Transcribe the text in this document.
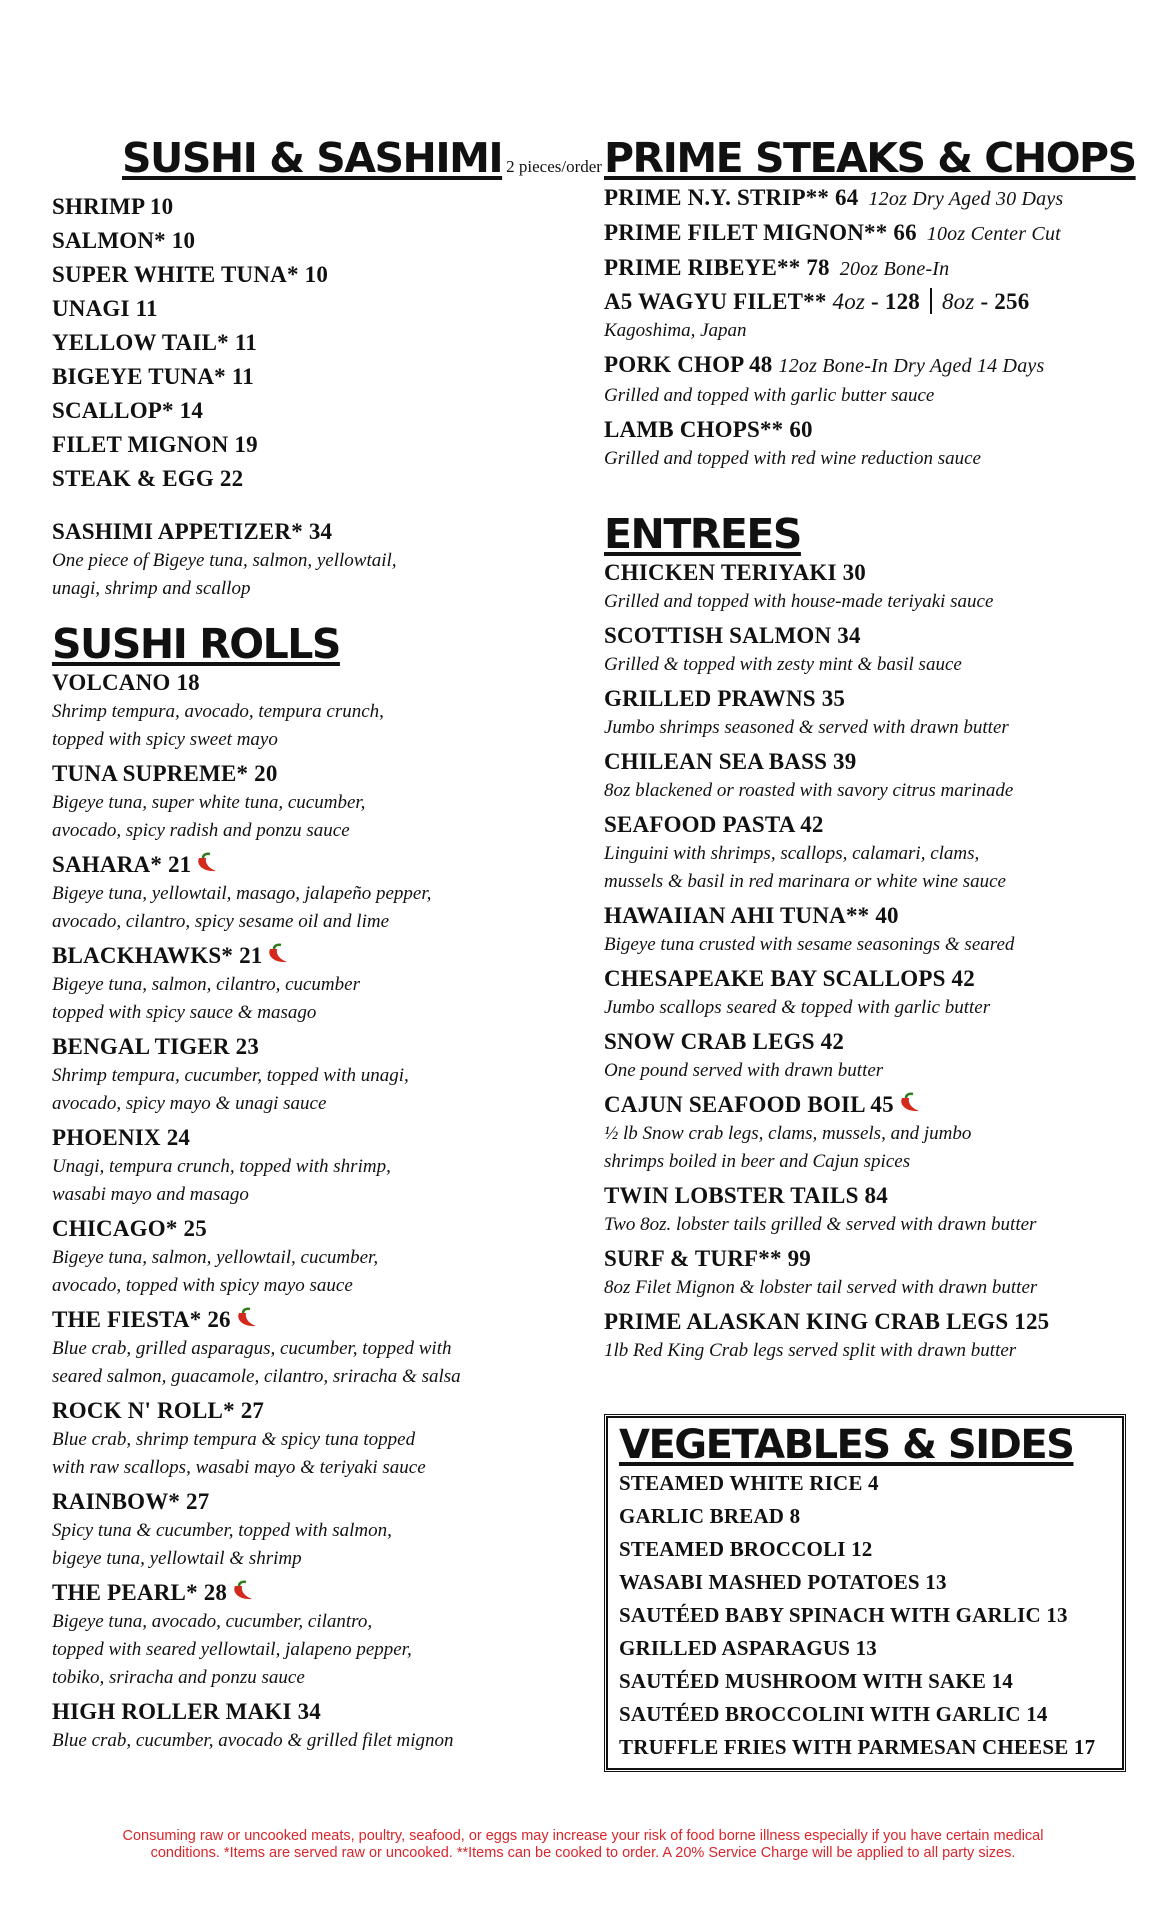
SUSHI & SASHIMI 2 pieces/order
SHRIMP 10
SALMON* 10
SUPER WHITE TUNA* 10
UNAGI 11
YELLOW TAIL* 11
BIGEYE TUNA* 11
SCALLOP* 14
FILET MIGNON 19
STEAK & EGG 22
SASHIMI APPETIZER* 34
One piece of Bigeye tuna, salmon, yellowtail,
unagi, shrimp and scallop
SUSHI ROLLS
VOLCANO 18
Shrimp tempura, avocado, tempura crunch,
topped with spicy sweet mayo
TUNA SUPREME* 20
Bigeye tuna, super white tuna, cucumber,
avocado, spicy radish and ponzu sauce
SAHARA* 21
Bigeye tuna, yellowtail, masago, jalapeño pepper,
avocado, cilantro, spicy sesame oil and lime
BLACKHAWKS* 21
Bigeye tuna, salmon, cilantro, cucumber
topped with spicy sauce & masago
BENGAL TIGER 23
Shrimp tempura, cucumber, topped with unagi,
avocado, spicy mayo & unagi sauce
PHOENIX 24
Unagi, tempura crunch, topped with shrimp,
wasabi mayo and masago
CHICAGO* 25
Bigeye tuna, salmon, yellowtail, cucumber,
avocado, topped with spicy mayo sauce
THE FIESTA* 26
Blue crab, grilled asparagus, cucumber, topped with
seared salmon, guacamole, cilantro, sriracha & salsa
ROCK N' ROLL* 27
Blue crab, shrimp tempura & spicy tuna topped
with raw scallops, wasabi mayo & teriyaki sauce
RAINBOW* 27
Spicy tuna & cucumber, topped with salmon,
bigeye tuna, yellowtail & shrimp
THE PEARL* 28
Bigeye tuna, avocado, cucumber, cilantro,
topped with seared yellowtail, jalapeno pepper,
tobiko, sriracha and ponzu sauce
HIGH ROLLER MAKI 34
Blue crab, cucumber, avocado & grilled filet mignon
PRIME STEAKS & CHOPS
PRIME N.Y. STRIP** 64 12oz Dry Aged 30 Days
PRIME FILET MIGNON** 66 10oz Center Cut
PRIME RIBEYE** 78 20oz Bone-In
A5 WAGYU FILET** 4oz - 128 8oz - 256
Kagoshima, Japan
PORK CHOP 48 12oz Bone-In Dry Aged 14 Days
Grilled and topped with garlic butter sauce
LAMB CHOPS** 60
Grilled and topped with red wine reduction sauce
ENTREES
CHICKEN TERIYAKI 30
Grilled and topped with house-made teriyaki sauce
SCOTTISH SALMON 34
Grilled & topped with zesty mint & basil sauce
GRILLED PRAWNS 35
Jumbo shrimps seasoned & served with drawn butter
CHILEAN SEA BASS 39
8oz blackened or roasted with savory citrus marinade
SEAFOOD PASTA 42
Linguini with shrimps, scallops, calamari, clams,
mussels & basil in red marinara or white wine sauce
HAWAIIAN AHI TUNA** 40
Bigeye tuna crusted with sesame seasonings & seared
CHESAPEAKE BAY SCALLOPS 42
Jumbo scallops seared & topped with garlic butter
SNOW CRAB LEGS 42
One pound served with drawn butter
CAJUN SEAFOOD BOIL 45
½ lb Snow crab legs, clams, mussels, and jumbo
shrimps boiled in beer and Cajun spices
TWIN LOBSTER TAILS 84
Two 8oz. lobster tails grilled & served with drawn butter
SURF & TURF** 99
8oz Filet Mignon & lobster tail served with drawn butter
PRIME ALASKAN KING CRAB LEGS 125
1lb Red King Crab legs served split with drawn butter
VEGETABLES & SIDES
STEAMED WHITE RICE 4
GARLIC BREAD 8
STEAMED BROCCOLI 12
WASABI MASHED POTATOES 13
SAUTÉED BABY SPINACH WITH GARLIC 13
GRILLED ASPARAGUS 13
SAUTÉED MUSHROOM WITH SAKE 14
SAUTÉED BROCCOLINI WITH GARLIC 14
TRUFFLE FRIES WITH PARMESAN CHEESE 17
Consuming raw or uncooked meats, poultry, seafood, or eggs may increase your risk of food borne illness especially if you have certain medical
conditions. *Items are served raw or uncooked. **Items can be cooked to order. A 20% Service Charge will be applied to all party sizes.
